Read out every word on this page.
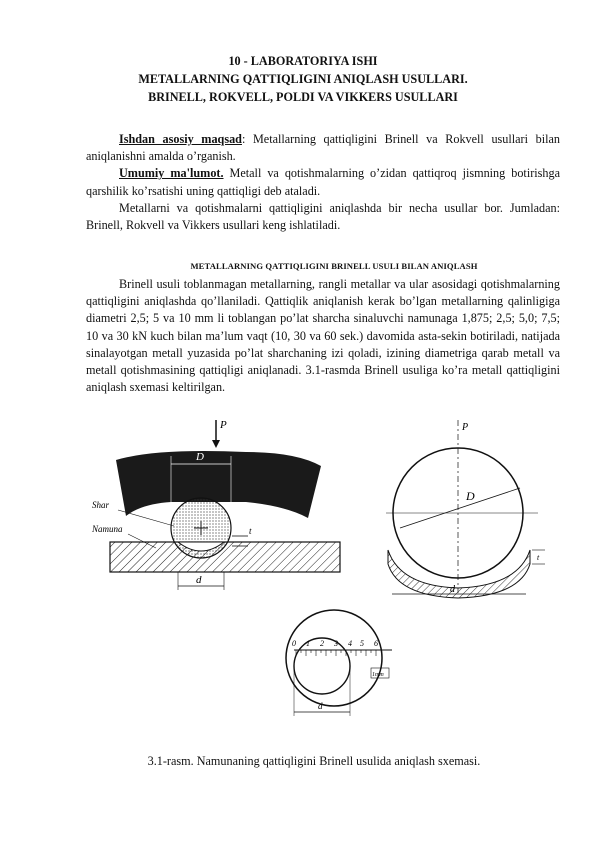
10 - LABORATORIYA ISHI
METALLARNING QATTIQLIGINI ANIQLASH USULLARI.
BRINELL, ROKVELL, POLDI VA VIKKERS USULLARI

Ishdan asosiy maqsad: Metallarning qattiqligini Brinell va Rokvell usullari bilan aniqlanishni amalda o’rganish.

Umumiy ma'lumot. Metall va qotishmalarning o’zidan qattiqroq jismning botirishga qarshilik ko’rsatishi uning qattiqligi deb ataladi.

Metallarni va qotishmalarni qattiqligini aniqlashda bir necha usullar bor. Jumladan: Brinell, Rokvell va Vikkers usullari keng ishlatiladi.

METALLARNING QATTIQLIGINI BRINELL USULI BILAN ANIQLASH

Brinell usuli toblanmagan metallarning, rangli metallar va ular asosidagi qotishmalarning qattiqligini aniqlashda qo’llaniladi. Qattiqlik aniqlanish kerak bo’lgan metallarning qalinligiga diametri 2,5; 5 va 10 mm li toblangan po’lat sharcha sinaluvchi namunaga 1,875; 2,5; 5,0; 7,5; 10 va 30 kN kuch bilan ma’lum vaqt (10, 30 va 60 sek.) davomida asta-sekin botiriladi, natijada sinalayotgan metall yuzasida po’lat sharchaning izi qoladi, izining diametriga qarab metall va metall qotishmasining qattiqligi aniqlanadi. 3.1-rasmda Brinell usuliga ko’ra metall qattiqligini aniqlash sxemasi keltirilgan.

P
D
d
t
Shar
Namuna
P
D
d
t
0 1 2 3 4 5 6
1mm
d
3.1-rasm. Namunaning qattiqligini Brinell usulida aniqlash sxemasi.
